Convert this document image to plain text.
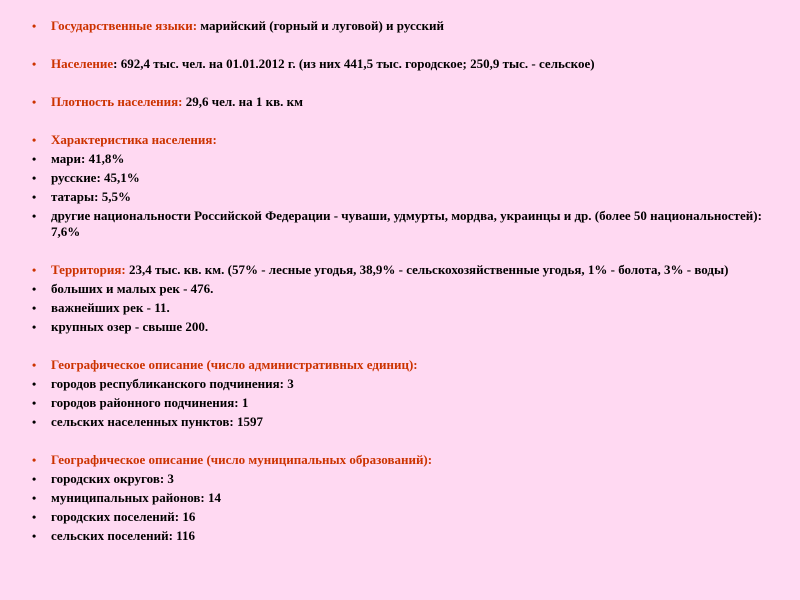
•	Государственные языки: марийский (горный и луговой) и русский
•	Население: 692,4 тыс. чел. на 01.01.2012 г. (из них 441,5 тыс. городское; 250,9 тыс. - сельское)
•	Плотность населения: 29,6 чел. на 1 кв. км
•	Характеристика населения:
•	мари: 41,8%
•	русские: 45,1%
•	татары: 5,5%
•	другие национальности Российской Федерации - чуваши, удмурты, мордва, украинцы и др. (более 50 национальностей): 7,6%
•	Территория: 23,4 тыс. кв. км. (57% - лесные угодья, 38,9% - сельскохозяйственные угодья, 1% - болота, 3% - воды)
•	больших и малых рек - 476.
•	важнейших рек - 11.
•	крупных озер - свыше 200.
•	Географическое описание (число административных единиц):
•	городов республиканского подчинения: 3
•	городов районного подчинения: 1
•	сельских населенных пунктов: 1597
•	Географическое описание (число муниципальных образований):
•	городских округов: 3
•	муниципальных районов: 14
•	городских поселений: 16
•	сельских поселений: 116
